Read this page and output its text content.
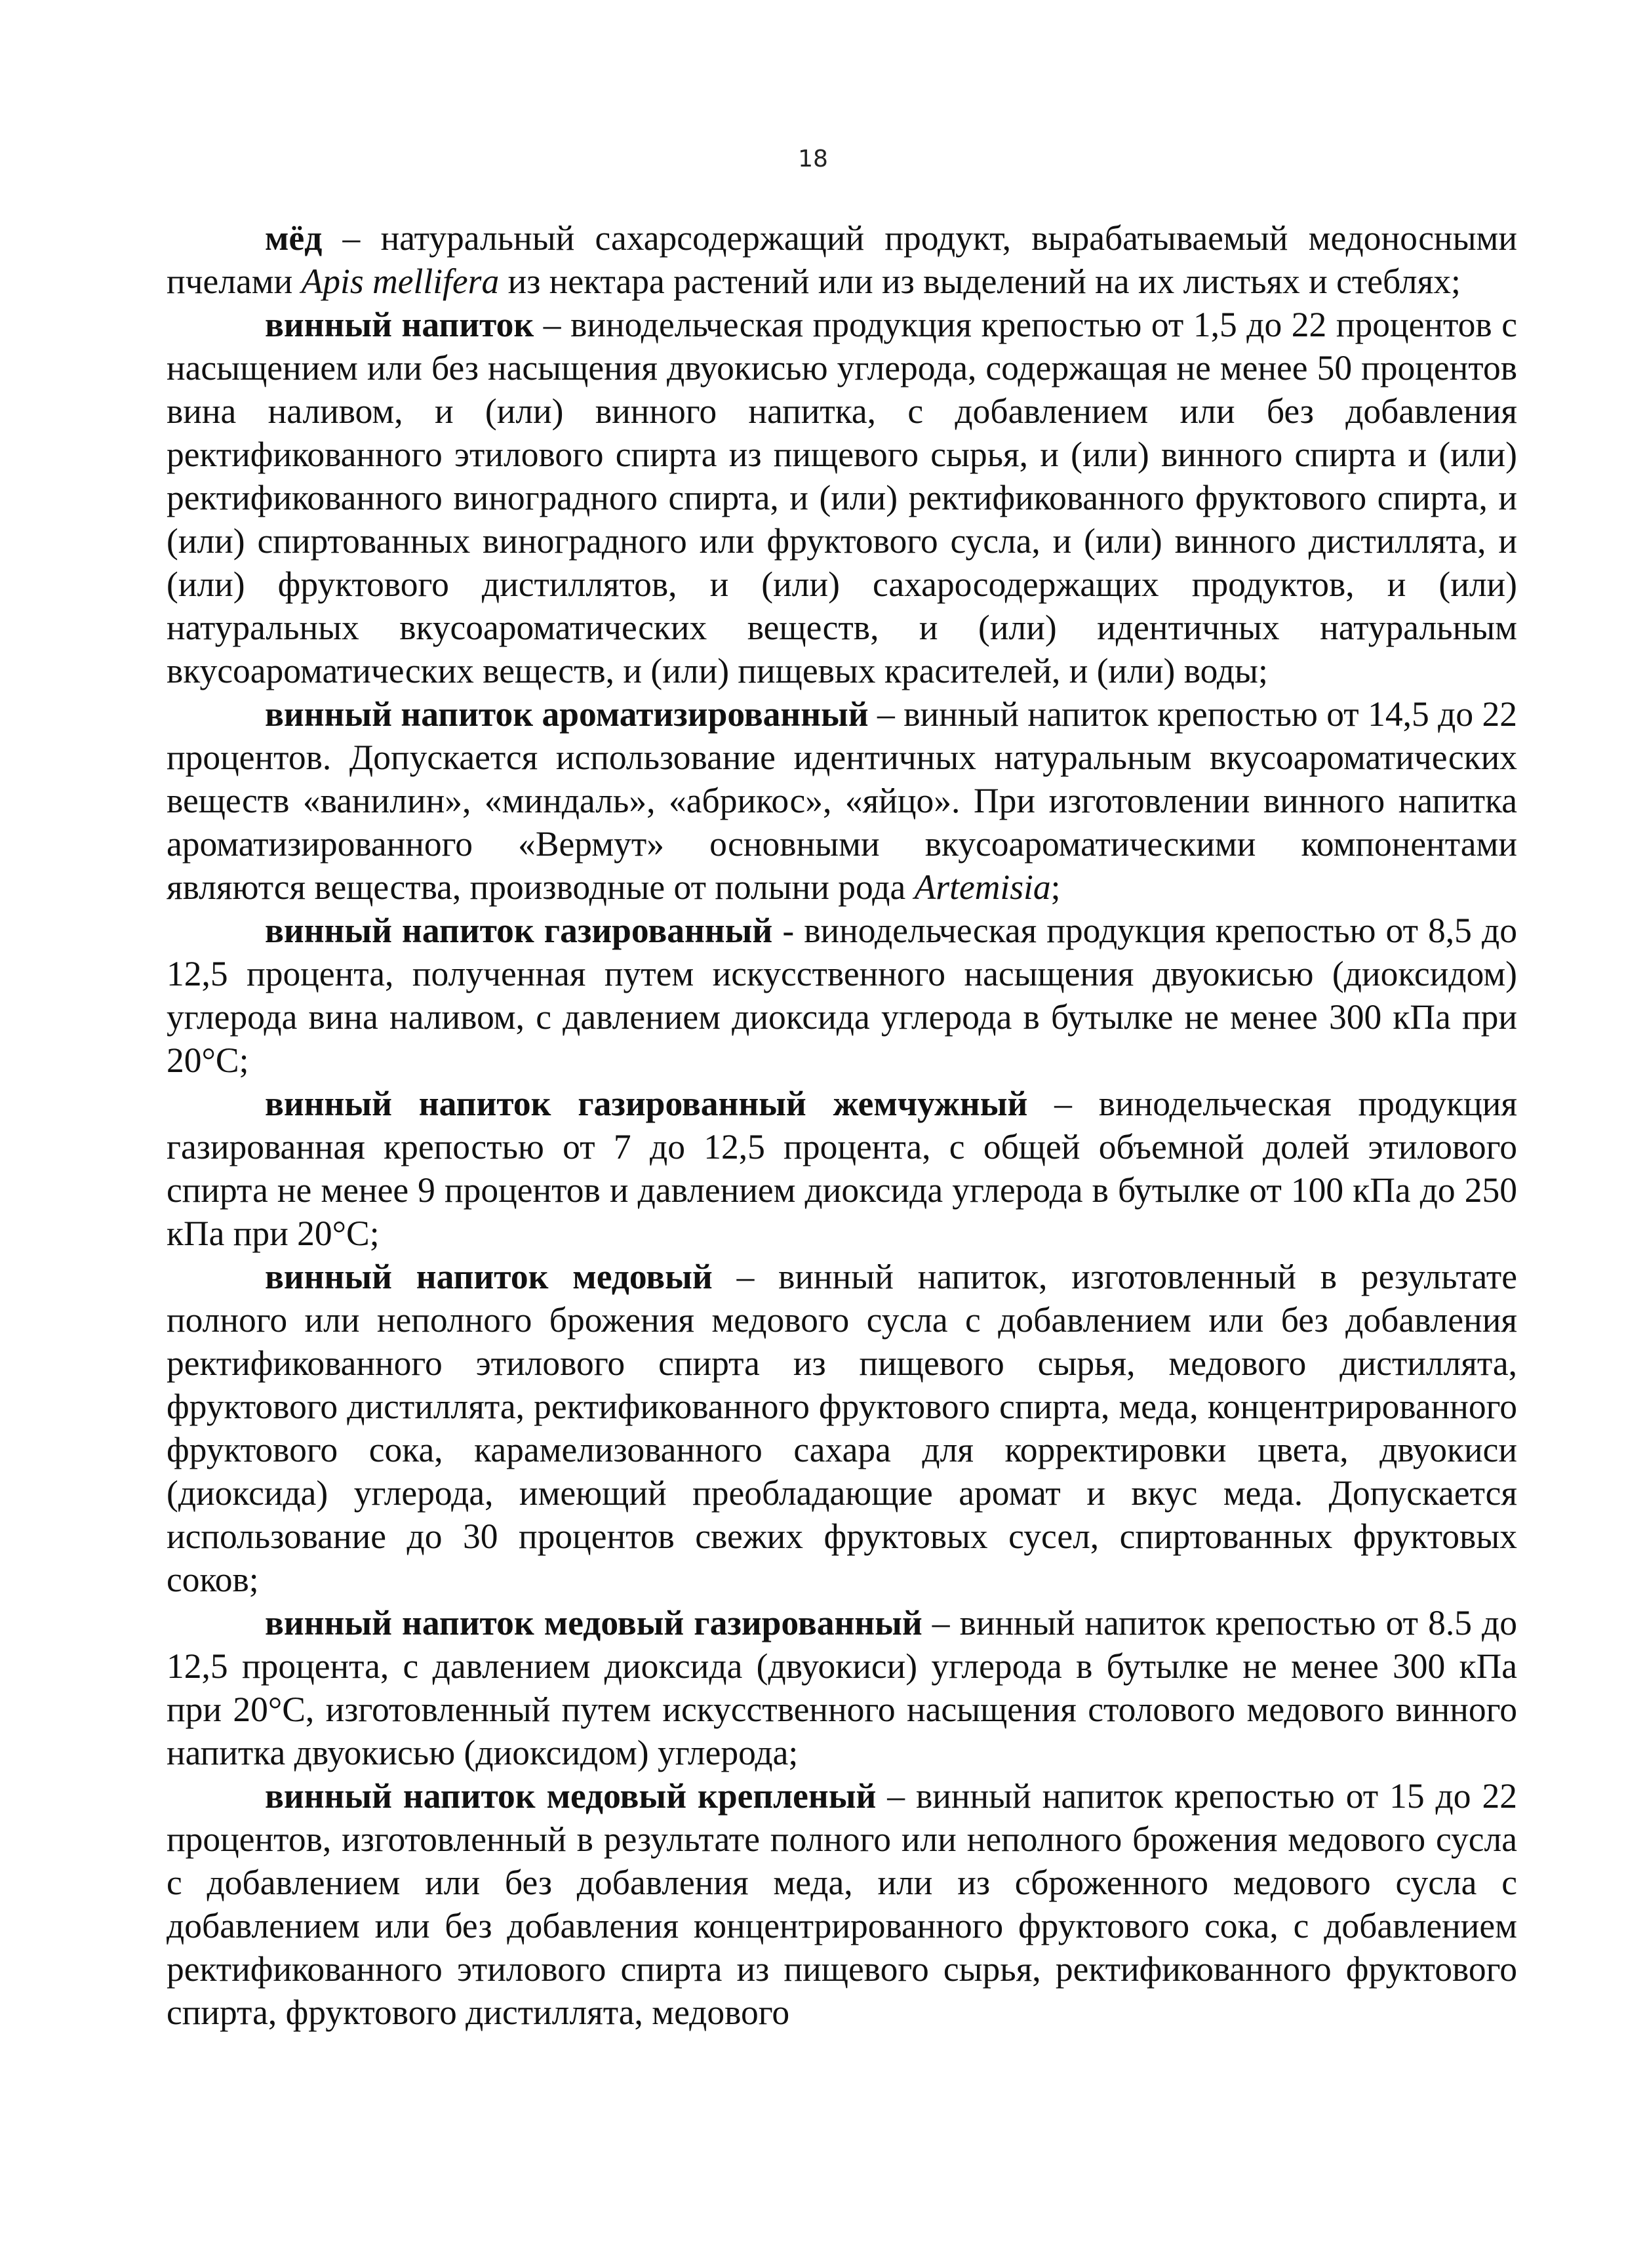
18

мёд – натуральный сахарсодержащий продукт, вырабатываемый медоносными пчелами Apis mellifera из нектара растений или из выделений на их листьях и стеблях;

винный напиток – винодельческая продукция крепостью от 1,5 до 22 процентов с насыщением или без насыщения двуокисью углерода, содержащая не менее 50 процентов вина наливом, и (или) винного напитка, с добавлением или без добавления ректификованного этилового спирта из пищевого сырья, и (или) винного спирта и (или) ректификованного виноградного спирта, и (или) ректификованного фруктового спирта, и (или) спиртованных виноградного или фруктового сусла, и (или) винного дистиллята, и (или) фруктового дистиллятов, и (или) сахаросодержащих продуктов, и (или) натуральных вкусоароматических веществ, и (или) идентичных натуральным вкусоароматических веществ, и (или) пищевых красителей, и (или) воды;

винный напиток ароматизированный – винный напиток крепостью от 14,5 до 22 процентов. Допускается использование идентичных натуральным вкусоароматических веществ «ванилин», «миндаль», «абрикос», «яйцо». При изготовлении винного напитка ароматизированного «Вермут» основными вкусоароматическими компонентами являются вещества, производные от полыни рода Artemisia;

винный напиток газированный - винодельческая продукция крепостью от 8,5 до 12,5 процента, полученная путем искусственного насыщения двуокисью (диоксидом) углерода вина наливом, с давлением диоксида углерода в бутылке не менее 300 кПа при 20°С;

винный напиток газированный жемчужный – винодельческая продукция газированная крепостью от 7 до 12,5 процента, с общей объемной долей этилового спирта не менее 9 процентов и давлением диоксида углерода в бутылке от 100 кПа до 250 кПа при 20°С;

винный напиток медовый – винный напиток, изготовленный в результате полного или неполного брожения медового сусла с добавлением или без добавления ректификованного этилового спирта из пищевого сырья, медового дистиллята, фруктового дистиллята, ректификованного фруктового спирта, меда, концентрированного фруктового сока, карамелизованного сахара для корректировки цвета, двуокиси (диоксида) углерода, имеющий преобладающие аромат и вкус меда. Допускается использование до 30 процентов свежих фруктовых сусел, спиртованных фруктовых соков;

винный напиток медовый газированный – винный напиток крепостью от 8.5 до 12,5 процента, с давлением диоксида (двуокиси) углерода в бутылке не менее 300 кПа при 20°С, изготовленный путем искусственного насыщения столового медового винного напитка двуокисью (диоксидом) углерода;

винный напиток медовый крепленый – винный напиток крепостью от 15 до 22 процентов, изготовленный в результате полного или неполного брожения медового сусла с добавлением или без добавления меда, или из сброженного медового сусла с добавлением или без добавления концентрированного фруктового сока, с добавлением ректификованного этилового спирта из пищевого сырья, ректификованного фруктового спирта, фруктового дистиллята, медового
